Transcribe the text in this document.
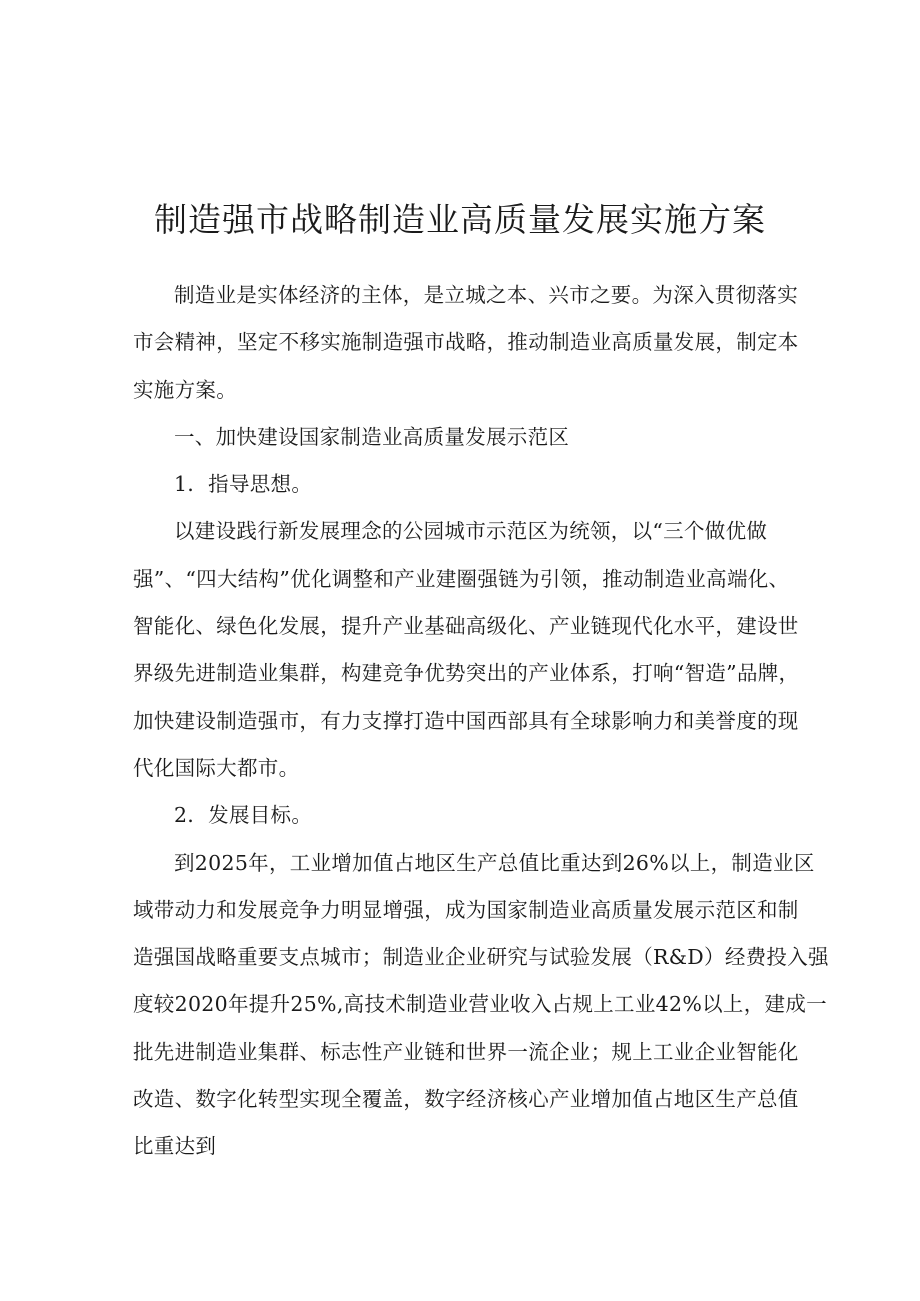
制造强市战略制造业高质量发展实施方案

制造业是实体经济的主体，是立城之本、兴市之要。为深入贯彻落实
市会精神，坚定不移实施制造强市战略，推动制造业高质量发展，制定本
实施方案。

一、加快建设国家制造业高质量发展示范区

1．指导思想。

以建设践行新发展理念的公园城市示范区为统领，以“三个做优做
强”、“四大结构”优化调整和产业建圈强链为引领，推动制造业高端化、
智能化、绿色化发展，提升产业基础高级化、产业链现代化水平，建设世
界级先进制造业集群，构建竞争优势突出的产业体系，打响“智造”品牌，
加快建设制造强市，有力支撑打造中国西部具有全球影响力和美誉度的现
代化国际大都市。

2．发展目标。

到2025年，工业增加值占地区生产总值比重达到26%以上，制造业区
域带动力和发展竞争力明显增强，成为国家制造业高质量发展示范区和制
造强国战略重要支点城市；制造业企业研究与试验发展（R&D）经费投入强
度较2020年提升25%,高技术制造业营业收入占规上工业42%以上，建成一
批先进制造业集群、标志性产业链和世界一流企业；规上工业企业智能化
改造、数字化转型实现全覆盖，数字经济核心产业增加值占地区生产总值
比重达到
